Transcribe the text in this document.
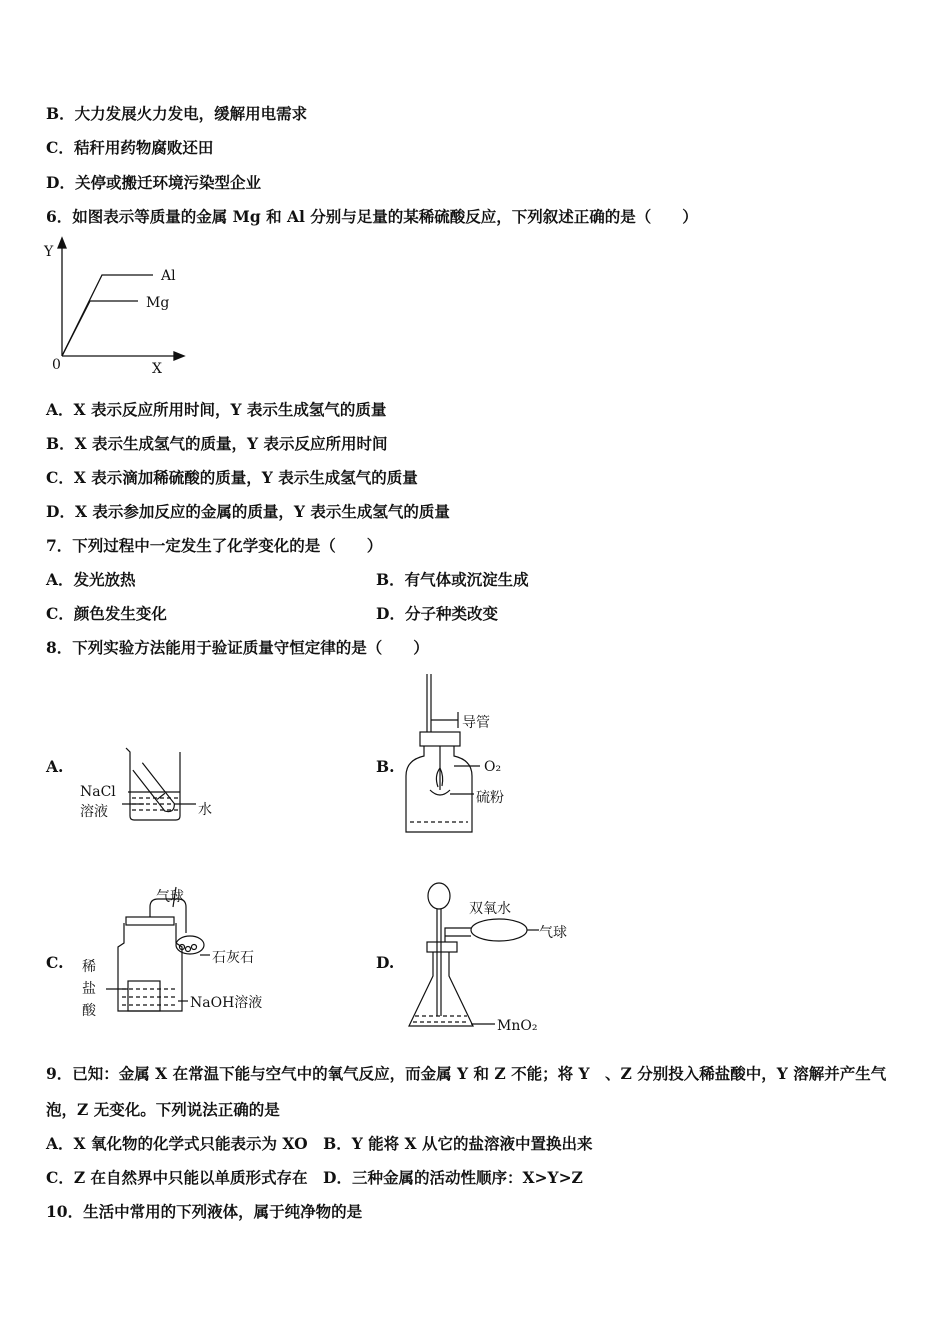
B．大力发展火力发电，缓解用电需求
C．秸秆用药物腐败还田
D．关停或搬迁环境污染型企业
6．如图表示等质量的金属 Mg 和 Al 分别与足量的某稀硫酸反应，下列叙述正确的是（　　）
Y
0	X
Al
Mg
A．X 表示反应所用时间，Y 表示生成氢气的质量
B．X 表示生成氢气的质量，Y 表示反应所用时间
C．X 表示滴加稀硫酸的质量，Y 表示生成氢气的质量
D．X 表示参加反应的金属的质量，Y 表示生成氢气的质量
7．下列过程中一定发生了化学变化的是（　　）
A．发光放热	B．有气体或沉淀生成
C．颜色发生变化	D．分子种类改变
8．下列实验方法能用于验证质量守恒定律的是（　　）
A.	B.
C.	D.
NaCl
溶液	水
导管
O₂
硫粉
气球
石灰石
稀
盐
酸	NaOH溶液
双氧水
气球
MnO₂
9．已知：金属 X 在常温下能与空气中的氧气反应，而金属 Y 和 Z 不能；将 Y　、Z 分别投入稀盐酸中，Y 溶解并产生气
泡，Z 无变化。下列说法正确的是
A．X 氧化物的化学式只能表示为 XO　B．Y 能将 X 从它的盐溶液中置换出来
C．Z 在自然界中只能以单质形式存在　D．三种金属的活动性顺序：X>Y>Z
10．生活中常用的下列液体，属于纯净物的是
